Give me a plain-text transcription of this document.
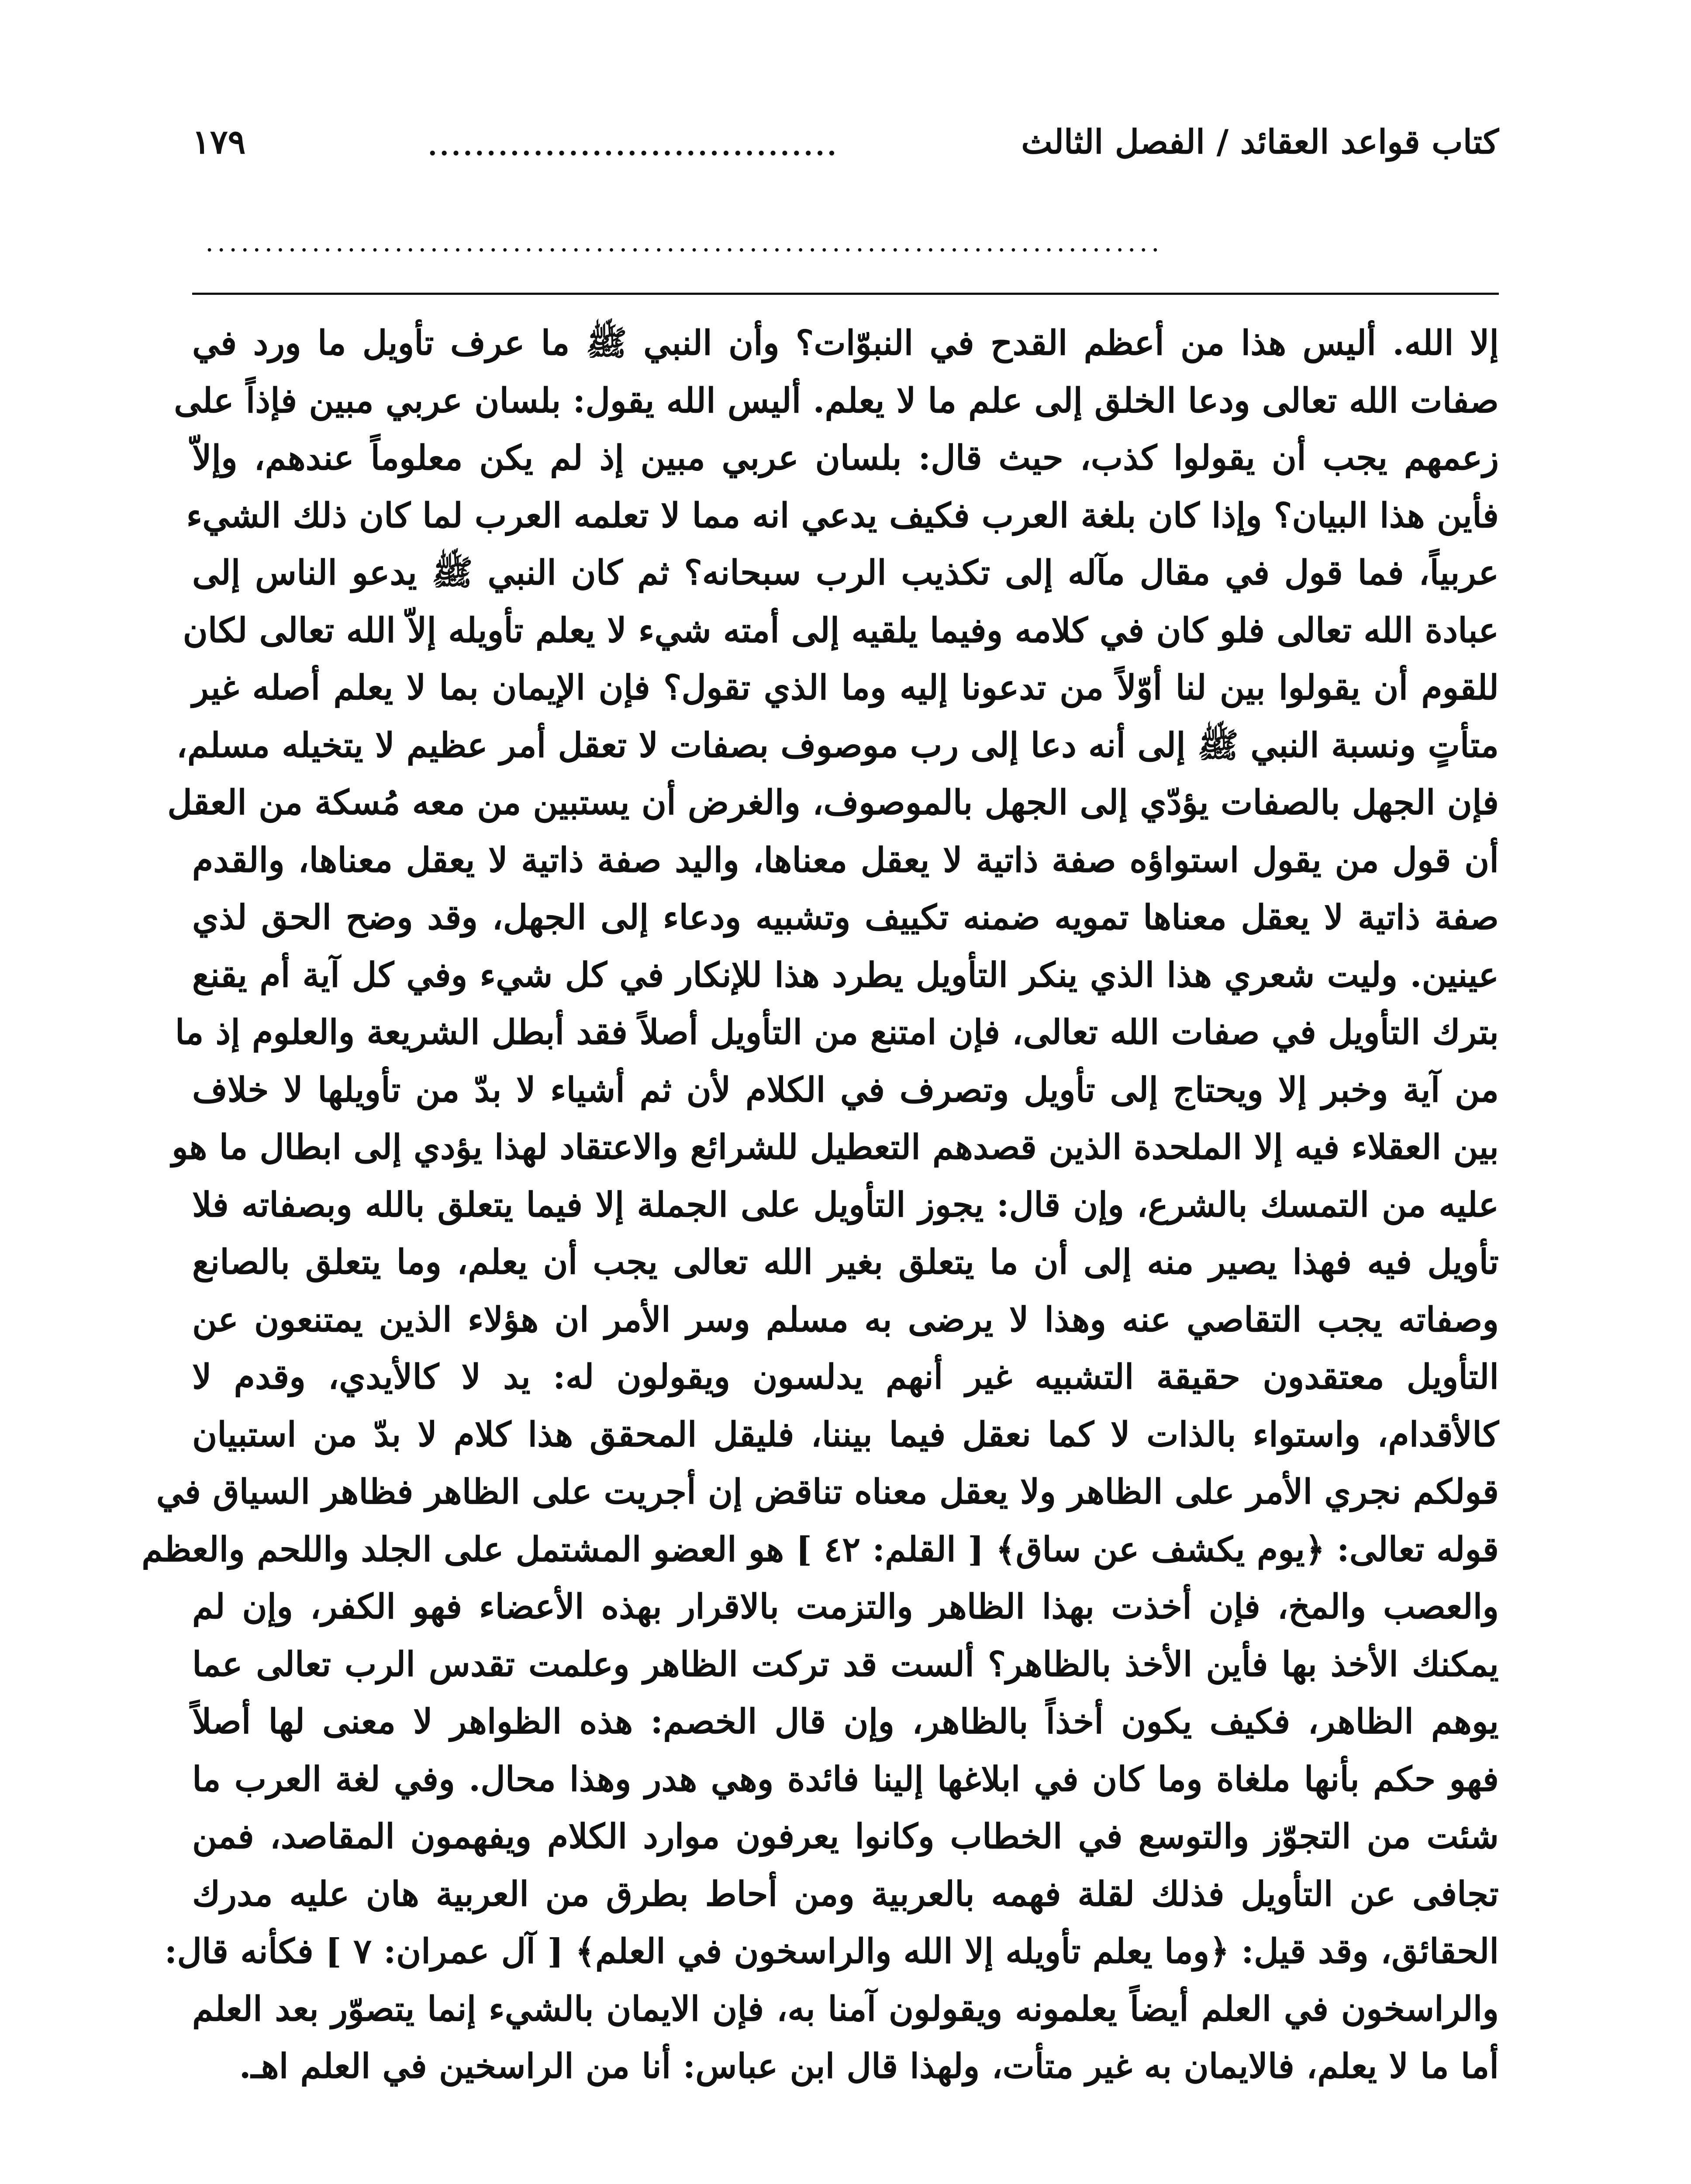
كتاب قواعد العقائد / الفصل الثالث
...................................
١٧٩
.................................................................................
إلا الله. أليس هذا من أعظم القدح في النبوّات؟ وأن النبي ﷺ ما عرف تأويل ما ورد في
صفات الله تعالى ودعا الخلق إلى علم ما لا يعلم. أليس الله يقول: بلسان عربي مبين فإذاً على
زعمهم يجب أن يقولوا كذب، حيث قال: بلسان عربي مبين إذ لم يكن معلوماً عندهم، وإلاّ
فأين هذا البيان؟ وإذا كان بلغة العرب فكيف يدعي انه مما لا تعلمه العرب لما كان ذلك الشيء
عربياً، فما قول في مقال مآله إلى تكذيب الرب سبحانه؟ ثم كان النبي ﷺ يدعو الناس إلى
عبادة الله تعالى فلو كان في كلامه وفيما يلقيه إلى أمته شيء لا يعلم تأويله إلاّ الله تعالى لكان
للقوم أن يقولوا بين لنا أوّلاً من تدعونا إليه وما الذي تقول؟ فإن الإيمان بما لا يعلم أصله غير
متأتٍ ونسبة النبي ﷺ إلى أنه دعا إلى رب موصوف بصفات لا تعقل أمر عظيم لا يتخيله مسلم،
فإن الجهل بالصفات يؤدّي إلى الجهل بالموصوف، والغرض أن يستبين من معه مُسكة من العقل
أن قول من يقول استواؤه صفة ذاتية لا يعقل معناها، واليد صفة ذاتية لا يعقل معناها، والقدم
صفة ذاتية لا يعقل معناها تمويه ضمنه تكييف وتشبيه ودعاء إلى الجهل، وقد وضح الحق لذي
عينين. وليت شعري هذا الذي ينكر التأويل يطرد هذا للإنكار في كل شيء وفي كل آية أم يقنع
بترك التأويل في صفات الله تعالى، فإن امتنع من التأويل أصلاً فقد أبطل الشريعة والعلوم إذ ما
من آية وخبر إلا ويحتاج إلى تأويل وتصرف في الكلام لأن ثم أشياء لا بدّ من تأويلها لا خلاف
بين العقلاء فيه إلا الملحدة الذين قصدهم التعطيل للشرائع والاعتقاد لهذا يؤدي إلى ابطال ما هو
عليه من التمسك بالشرع، وإن قال: يجوز التأويل على الجملة إلا فيما يتعلق بالله وبصفاته فلا
تأويل فيه فهذا يصير منه إلى أن ما يتعلق بغير الله تعالى يجب أن يعلم، وما يتعلق بالصانع
وصفاته يجب التقاصي عنه وهذا لا يرضى به مسلم وسر الأمر ان هؤلاء الذين يمتنعون عن
التأويل معتقدون حقيقة التشبيه غير أنهم يدلسون ويقولون له: يد لا كالأيدي، وقدم لا
كالأقدام، واستواء بالذات لا كما نعقل فيما بيننا، فليقل المحقق هذا كلام لا بدّ من استبيان
قولكم نجري الأمر على الظاهر ولا يعقل معناه تناقض إن أجريت على الظاهر فظاهر السياق في
قوله تعالى: ﴿يوم يكشف عن ساق﴾ [ القلم: ٤٢ ] هو العضو المشتمل على الجلد واللحم والعظم
والعصب والمخ، فإن أخذت بهذا الظاهر والتزمت بالاقرار بهذه الأعضاء فهو الكفر، وإن لم
يمكنك الأخذ بها فأين الأخذ بالظاهر؟ ألست قد تركت الظاهر وعلمت تقدس الرب تعالى عما
يوهم الظاهر، فكيف يكون أخذاً بالظاهر، وإن قال الخصم: هذه الظواهر لا معنى لها أصلاً
فهو حكم بأنها ملغاة وما كان في ابلاغها إلينا فائدة وهي هدر وهذا محال. وفي لغة العرب ما
شئت من التجوّز والتوسع في الخطاب وكانوا يعرفون موارد الكلام ويفهمون المقاصد، فمن
تجافى عن التأويل فذلك لقلة فهمه بالعربية ومن أحاط بطرق من العربية هان عليه مدرك
الحقائق، وقد قيل: ﴿وما يعلم تأويله إلا الله والراسخون في العلم﴾ [ آل عمران: ٧ ] فكأنه قال:
والراسخون في العلم أيضاً يعلمونه ويقولون آمنا به، فإن الايمان بالشيء إنما يتصوّر بعد العلم
أما ما لا يعلم، فالايمان به غير متأت، ولهذا قال ابن عباس: أنا من الراسخين في العلم اهـ.
